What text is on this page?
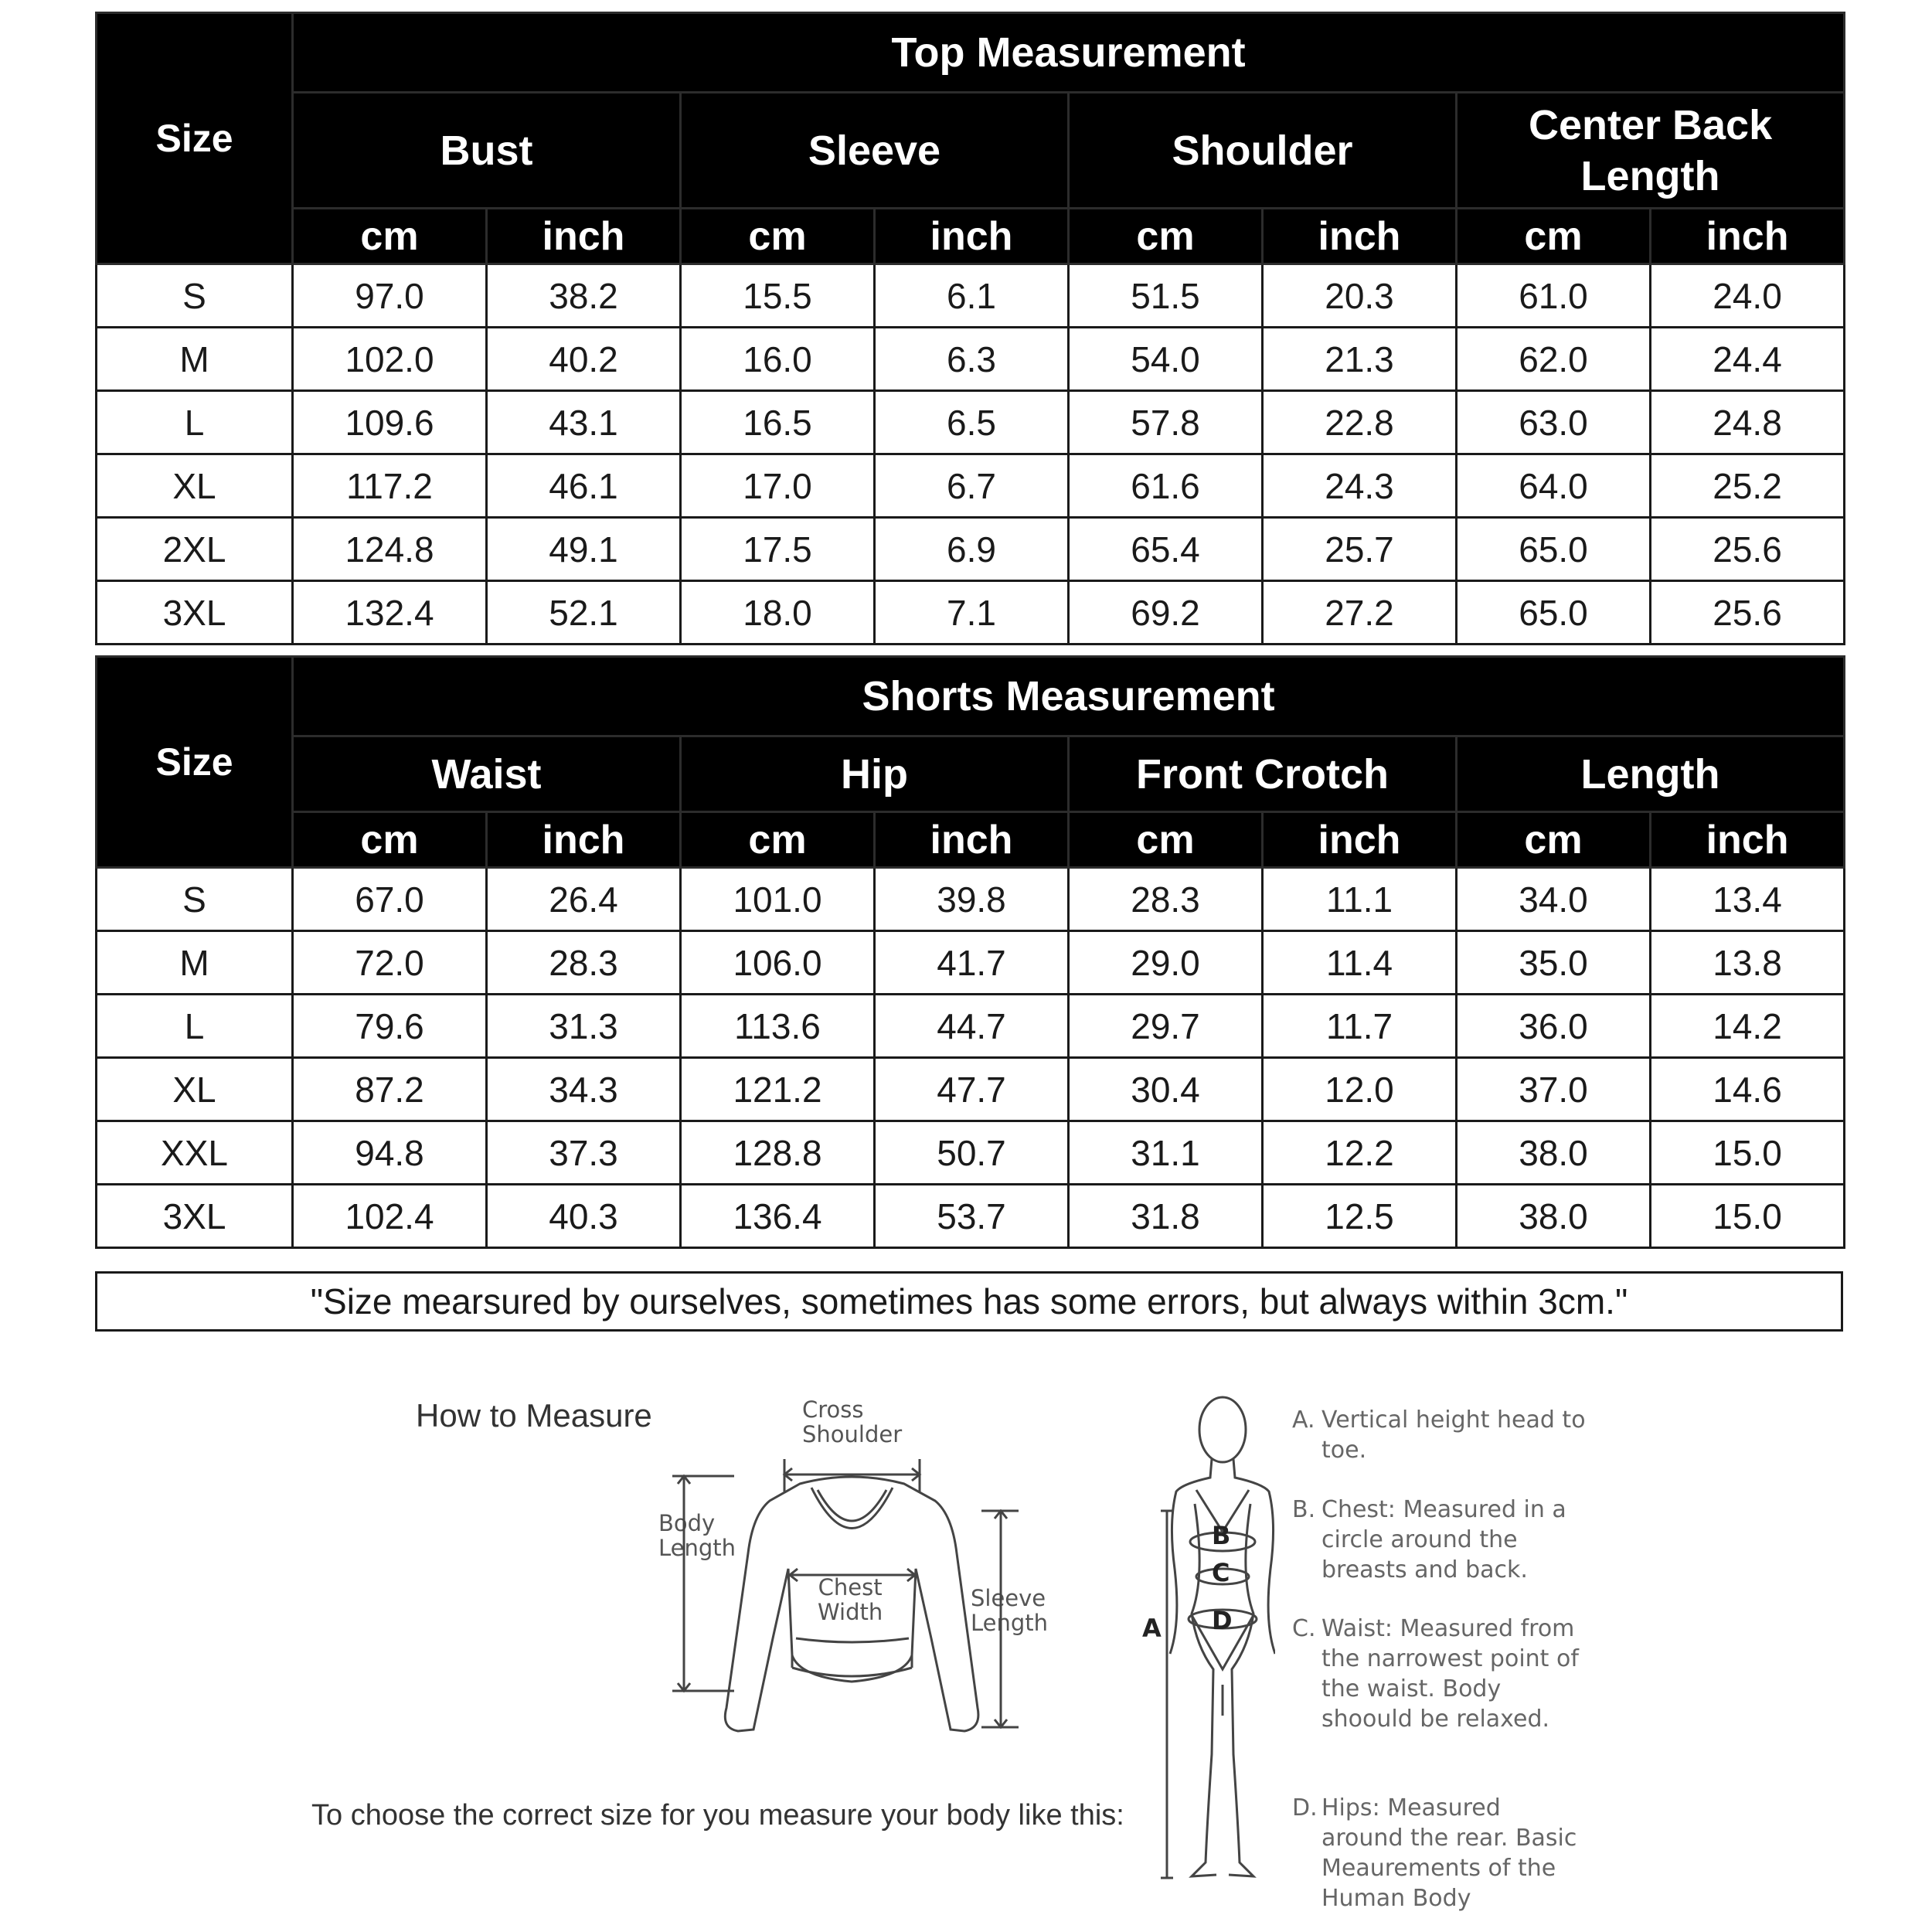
Size	Top Measurement							
	Bust		Sleeve		Shoulder		Center Back Length	
	cm	inch	cm	inch	cm	inch	cm	inch
S	97.0	38.2	15.5	6.1	51.5	20.3	61.0	24.0
M	102.0	40.2	16.0	6.3	54.0	21.3	62.0	24.4
L	109.6	43.1	16.5	6.5	57.8	22.8	63.0	24.8
XL	117.2	46.1	17.0	6.7	61.6	24.3	64.0	25.2
2XL	124.8	49.1	17.5	6.9	65.4	25.7	65.0	25.6
3XL	132.4	52.1	18.0	7.1	69.2	27.2	65.0	25.6
Size	Shorts Measurement							
	Waist		Hip		Front Crotch		Length	
	cm	inch	cm	inch	cm	inch	cm	inch
S	67.0	26.4	101.0	39.8	28.3	11.1	34.0	13.4
M	72.0	28.3	106.0	41.7	29.0	11.4	35.0	13.8
L	79.6	31.3	113.6	44.7	29.7	11.7	36.0	14.2
XL	87.2	34.3	121.2	47.7	30.4	12.0	37.0	14.6
XXL	94.8	37.3	128.8	50.7	31.1	12.2	38.0	15.0
3XL	102.4	40.3	136.4	53.7	31.8	12.5	38.0	15.0
"Size mearsured by ourselves, sometimes has some errors, but always within 3cm."
How to Measure	Cross
Shoulder
Body
Length
Chest
Width
Sleeve
Length	A
B
C
D
A. Vertical height head to toe.
B. Chest: Measured in a circle around the breasts and back.
C. Waist: Measured from the narrowest point of the waist. Body shoould be relaxed.
D. Hips: Measured around the rear. Basic Meaurements of the Human Body
To choose the correct size for you measure your body like this:
